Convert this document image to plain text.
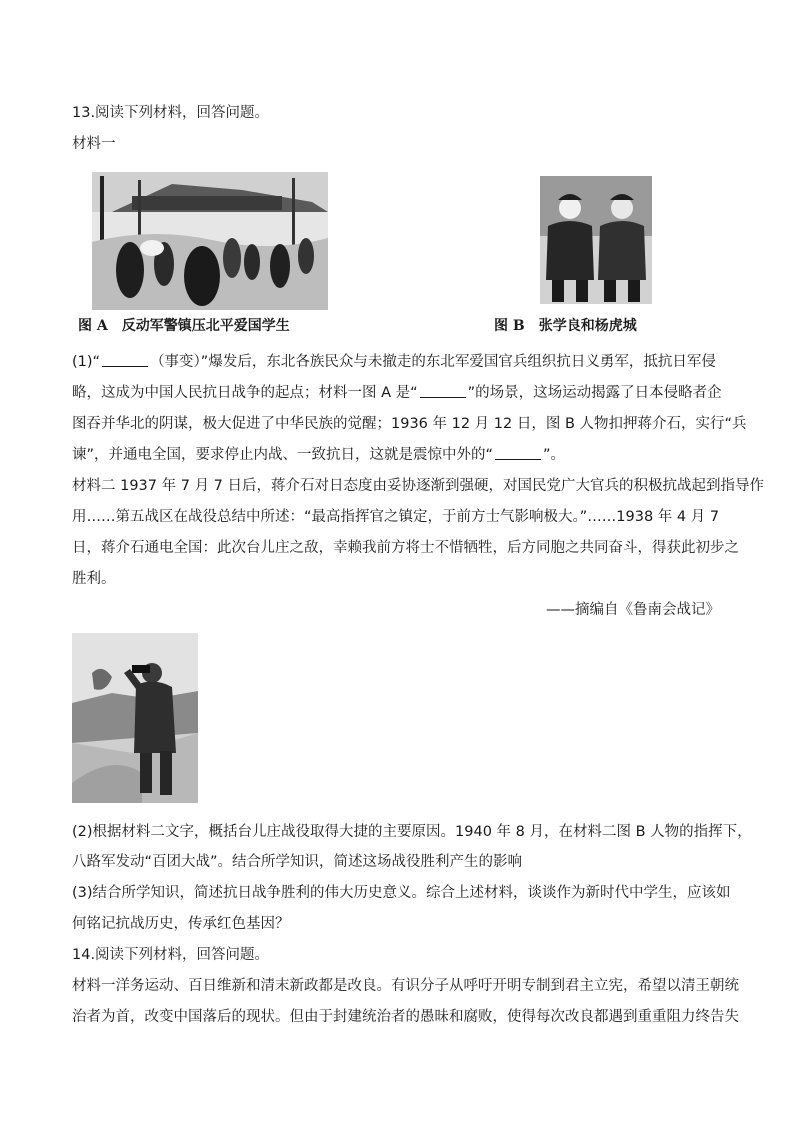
13.阅读下列材料，回答问题。
材料一
图 A　反动军警镇压北平爱国学生	图 B　张学良和杨虎城
(1)“	（事变）”爆发后，东北各族民众与未撤走的东北军爱国官兵组织抗日义勇军，抵抗日军侵
略，这成为中国人民抗日战争的起点；材料一图 A 是“	”的场景，这场运动揭露了日本侵略者企
图吞并华北的阴谋，极大促进了中华民族的觉醒；1936 年 12 月 12 日，图 B 人物扣押蒋介石，实行“兵
谏”，并通电全国，要求停止内战、一致抗日，这就是震惊中外的“	”。
材料二 1937 年 7 月 7 日后，蒋介石对日态度由妥协逐渐到强硬，对国民党广大官兵的积极抗战起到指导作
用……第五战区在战役总结中所述：“最高指挥官之镇定，于前方士气影响极大。”……1938 年 4 月 7
日，蒋介石通电全国：此次台儿庄之敌，幸赖我前方将士不惜牺牲，后方同胞之共同奋斗，得获此初步之
胜利。
——摘编自《鲁南会战记》
(2)根据材料二文字，概括台儿庄战役取得大捷的主要原因。1940 年 8 月，在材料二图 B 人物的指挥下，
八路军发动“百团大战”。结合所学知识，简述这场战役胜利产生的影响
(3)结合所学知识，简述抗日战争胜利的伟大历史意义。综合上述材料，谈谈作为新时代中学生，应该如
何铭记抗战历史，传承红色基因？
14.阅读下列材料，回答问题。
材料一洋务运动、百日维新和清末新政都是改良。有识分子从呼吁开明专制到君主立宪，希望以清王朝统
治者为首，改变中国落后的现状。但由于封建统治者的愚昧和腐败，使得每次改良都遇到重重阻力终告失
